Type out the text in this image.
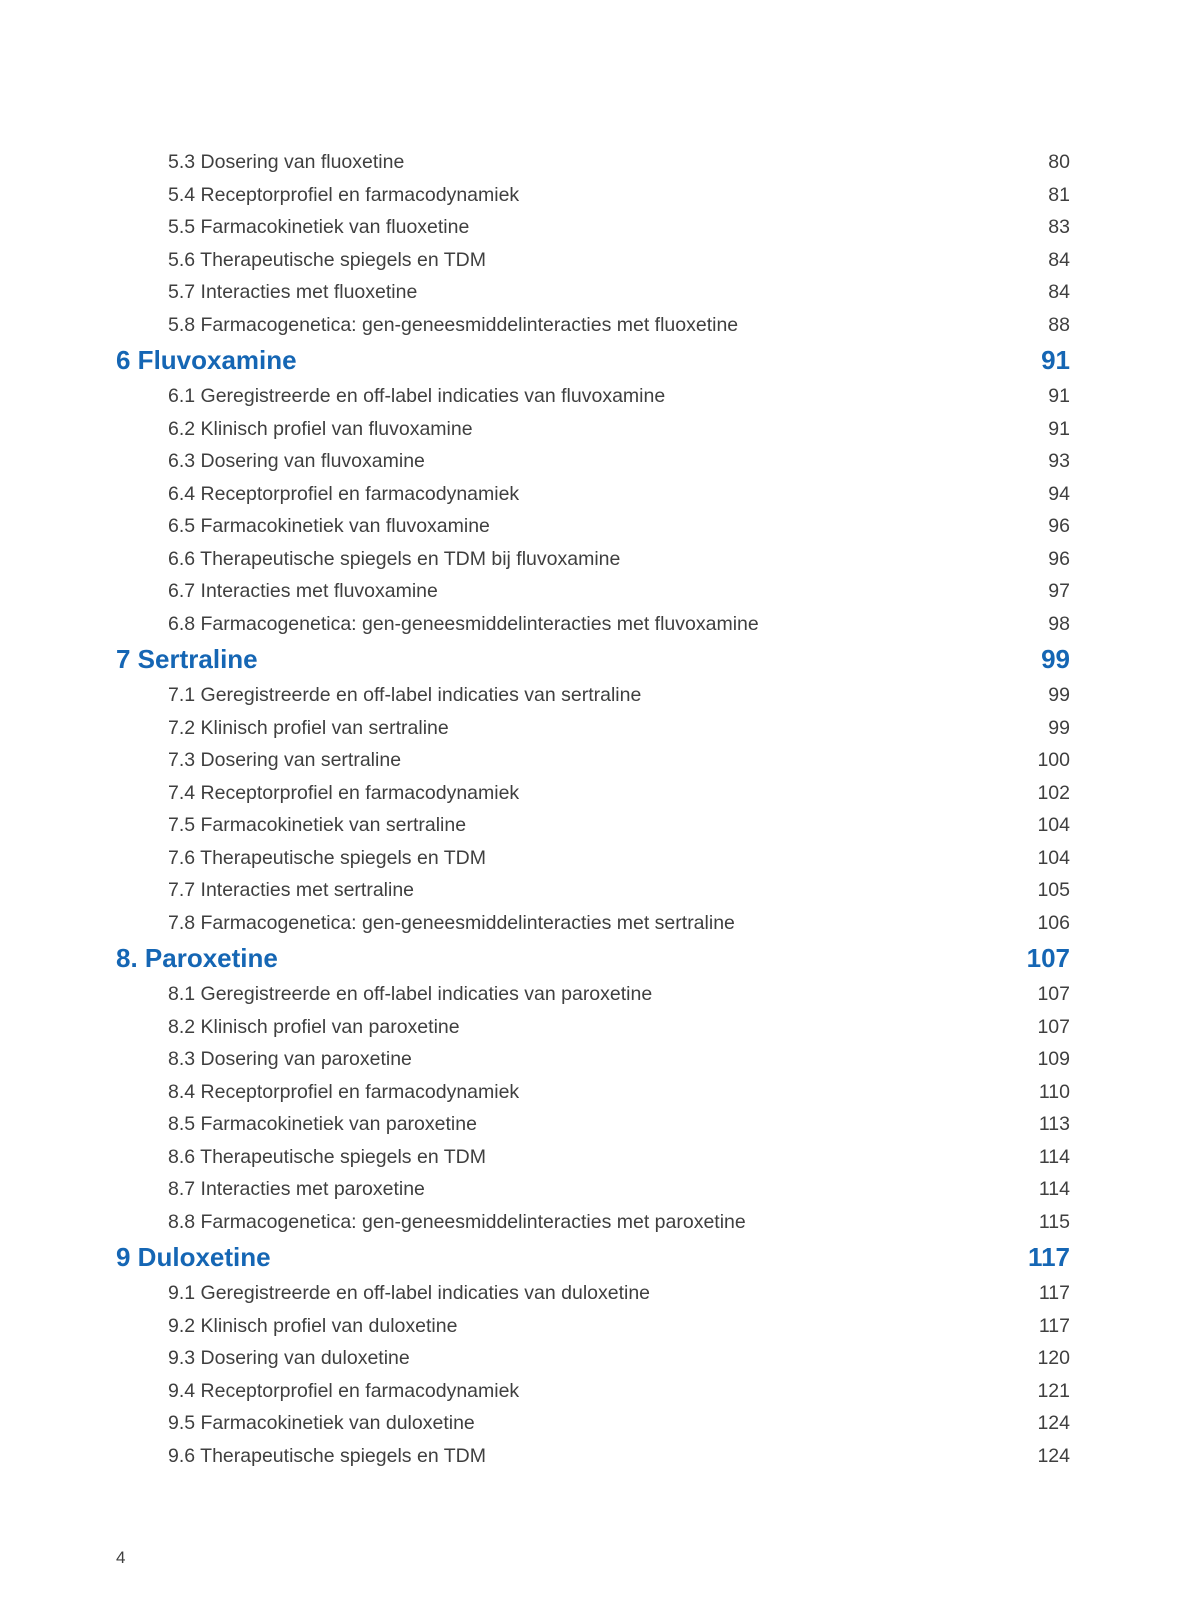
5.3 Dosering van fluoxetine	80
5.4 Receptorprofiel en farmacodynamiek	81
5.5 Farmacokinetiek van fluoxetine	83
5.6 Therapeutische spiegels en TDM	84
5.7 Interacties met fluoxetine	84
5.8 Farmacogenetica: gen-geneesmiddelinteracties met fluoxetine	88
6 Fluvoxamine	91
6.1 Geregistreerde en off-label indicaties van fluvoxamine	91
6.2 Klinisch profiel van fluvoxamine	91
6.3 Dosering van fluvoxamine	93
6.4 Receptorprofiel en farmacodynamiek	94
6.5 Farmacokinetiek van fluvoxamine	96
6.6 Therapeutische spiegels en TDM bij fluvoxamine	96
6.7 Interacties met fluvoxamine	97
6.8 Farmacogenetica: gen-geneesmiddelinteracties met fluvoxamine	98
7 Sertraline	99
7.1 Geregistreerde en off-label indicaties van sertraline	99
7.2 Klinisch profiel van sertraline	99
7.3 Dosering van sertraline	100
7.4 Receptorprofiel en farmacodynamiek	102
7.5 Farmacokinetiek van sertraline	104
7.6 Therapeutische spiegels en TDM	104
7.7 Interacties met sertraline	105
7.8 Farmacogenetica: gen-geneesmiddelinteracties met sertraline	106
8. Paroxetine	107
8.1 Geregistreerde en off-label indicaties van paroxetine	107
8.2 Klinisch profiel van paroxetine	107
8.3 Dosering van paroxetine	109
8.4 Receptorprofiel en farmacodynamiek	110
8.5 Farmacokinetiek van paroxetine	113
8.6 Therapeutische spiegels en TDM	114
8.7 Interacties met paroxetine	114
8.8 Farmacogenetica: gen-geneesmiddelinteracties met paroxetine	115
9 Duloxetine	117
9.1 Geregistreerde en off-label indicaties van duloxetine	117
9.2 Klinisch profiel van duloxetine	117
9.3 Dosering van duloxetine	120
9.4 Receptorprofiel en farmacodynamiek	121
9.5 Farmacokinetiek van duloxetine	124
9.6 Therapeutische spiegels en TDM	124
4
